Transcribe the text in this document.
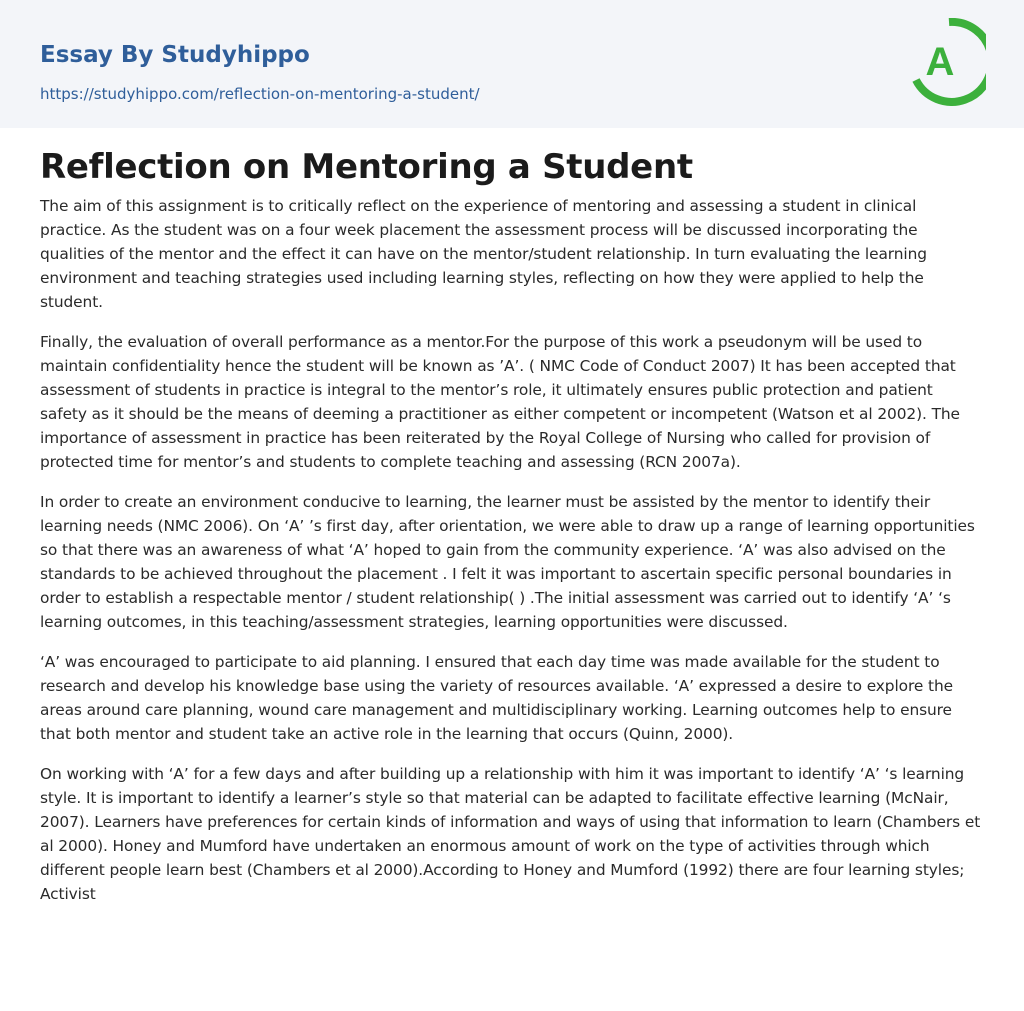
Essay By Studyhippo
https://studyhippo.com/reflection-on-mentoring-a-student/
A
Reflection on Mentoring a Student

The aim of this assignment is to critically reflect on the experience of mentoring and assessing a student in clinical practice. As the student was on a four week placement the assessment process will be discussed incorporating the qualities of the mentor and the effect it can have on the mentor/student relationship. In turn evaluating the learning environment and teaching strategies used including learning styles, reflecting on how they were applied to help the student.

Finally, the evaluation of overall performance as a mentor.For the purpose of this work a pseudonym will be used to maintain confidentiality hence the student will be known as ’A’. ( NMC Code of Conduct 2007) It has been accepted that assessment of students in practice is integral to the mentor’s role, it ultimately ensures public protection and patient safety as it should be the means of deeming a practitioner as either competent or incompetent (Watson et al 2002). The importance of assessment in practice has been reiterated by the Royal College of Nursing who called for provision of protected time for mentor’s and students to complete teaching and assessing (RCN 2007a).

In order to create an environment conducive to learning, the learner must be assisted by the mentor to identify their learning needs (NMC 2006). On ‘A’ ’s first day, after orientation, we were able to draw up a range of learning opportunities so that there was an awareness of what ‘A’ hoped to gain from the community experience. ‘A’ was also advised on the standards to be achieved throughout the placement . I felt it was important to ascertain specific personal boundaries in order to establish a respectable mentor / student relationship( ) .The initial assessment was carried out to identify ‘A’ ‘s learning outcomes, in this teaching/assessment strategies, learning opportunities were discussed.

‘A’ was encouraged to participate to aid planning. I ensured that each day time was made available for the student to research and develop his knowledge base using the variety of resources available. ‘A’ expressed a desire to explore the areas around care planning, wound care management and multidisciplinary working. Learning outcomes help to ensure that both mentor and student take an active role in the learning that occurs (Quinn, 2000).

On working with ‘A’ for a few days and after building up a relationship with him it was important to identify ‘A’ ‘s learning style. It is important to identify a learner’s style so that material can be adapted to facilitate effective learning (McNair, 2007). Learners have preferences for certain kinds of information and ways of using that information to learn (Chambers et al 2000). Honey and Mumford have undertaken an enormous amount of work on the type of activities through which different people learn best (Chambers et al 2000).According to Honey and Mumford (1992) there are four learning styles; Activist
